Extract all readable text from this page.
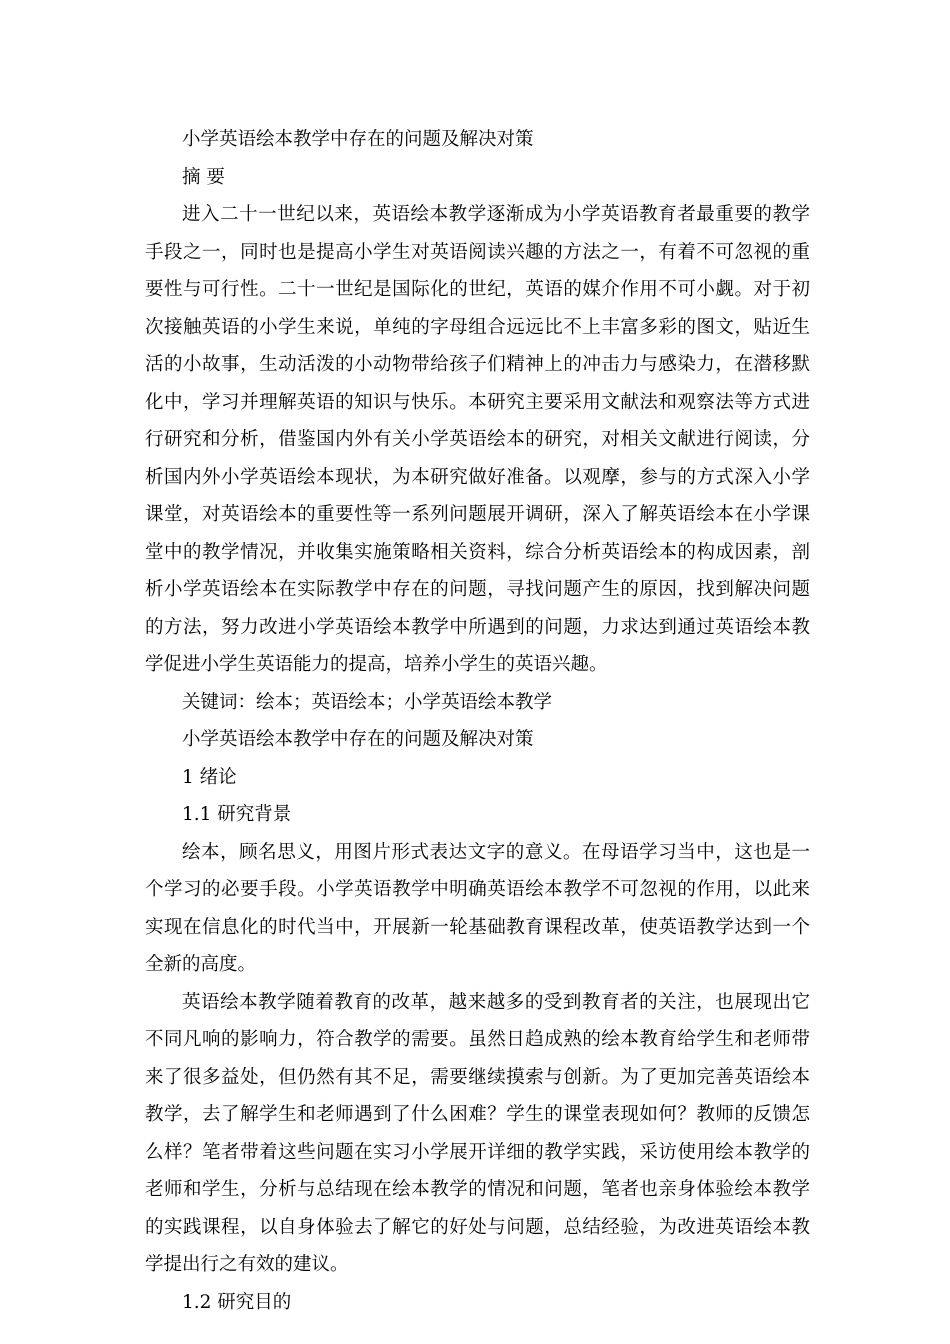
小学英语绘本教学中存在的问题及解决对策

摘 要

进入二十一世纪以来，英语绘本教学逐渐成为小学英语教育者最重要的教学手段之一，同时也是提高小学生对英语阅读兴趣的方法之一，有着不可忽视的重要性与可行性。二十一世纪是国际化的世纪，英语的媒介作用不可小觑。对于初次接触英语的小学生来说，单纯的字母组合远远比不上丰富多彩的图文，贴近生活的小故事，生动活泼的小动物带给孩子们精神上的冲击力与感染力，在潜移默化中，学习并理解英语的知识与快乐。本研究主要采用文献法和观察法等方式进行研究和分析，借鉴国内外有关小学英语绘本的研究，对相关文献进行阅读，分析国内外小学英语绘本现状，为本研究做好准备。以观摩，参与的方式深入小学课堂，对英语绘本的重要性等一系列问题展开调研，深入了解英语绘本在小学课堂中的教学情况，并收集实施策略相关资料，综合分析英语绘本的构成因素，剖析小学英语绘本在实际教学中存在的问题，寻找问题产生的原因，找到解决问题的方法，努力改进小学英语绘本教学中所遇到的问题，力求达到通过英语绘本教学促进小学生英语能力的提高，培养小学生的英语兴趣。

关键词：绘本；英语绘本；小学英语绘本教学

小学英语绘本教学中存在的问题及解决对策

1 绪论

1.1 研究背景

绘本，顾名思义，用图片形式表达文字的意义。在母语学习当中，这也是一个学习的必要手段。小学英语教学中明确英语绘本教学不可忽视的作用，以此来实现在信息化的时代当中，开展新一轮基础教育课程改革，使英语教学达到一个全新的高度。

英语绘本教学随着教育的改革，越来越多的受到教育者的关注，也展现出它不同凡响的影响力，符合教学的需要。虽然日趋成熟的绘本教育给学生和老师带来了很多益处，但仍然有其不足，需要继续摸索与创新。为了更加完善英语绘本教学，去了解学生和老师遇到了什么困难？学生的课堂表现如何？教师的反馈怎么样？笔者带着这些问题在实习小学展开详细的教学实践，采访使用绘本教学的老师和学生，分析与总结现在绘本教学的情况和问题，笔者也亲身体验绘本教学的实践课程，以自身体验去了解它的好处与问题，总结经验，为改进英语绘本教学提出行之有效的建议。

1.2 研究目的
